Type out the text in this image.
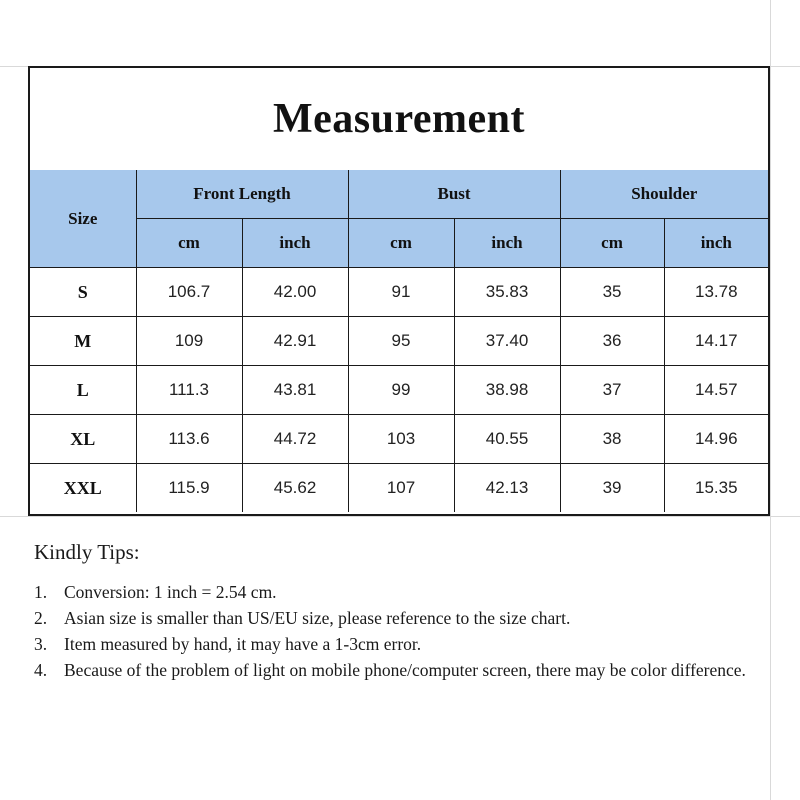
Measurement
Size	Front Length		Bust		Shoulder	
	cm	inch	cm	inch	cm	inch
S	106.7	42.00	91	35.83	35	13.78
M	109	42.91	95	37.40	36	14.17
L	111.3	43.81	99	38.98	37	14.57
XL	113.6	44.72	103	40.55	38	14.96
XXL	115.9	45.62	107	42.13	39	15.35
Kindly Tips:
1. Conversion: 1 inch = 2.54 cm.
2. Asian size is smaller than US/EU size, please reference to the size chart.
3. Item measured by hand, it may have a 1-3cm error.
4. Because of the problem of light on mobile phone/computer screen, there may be color difference.
